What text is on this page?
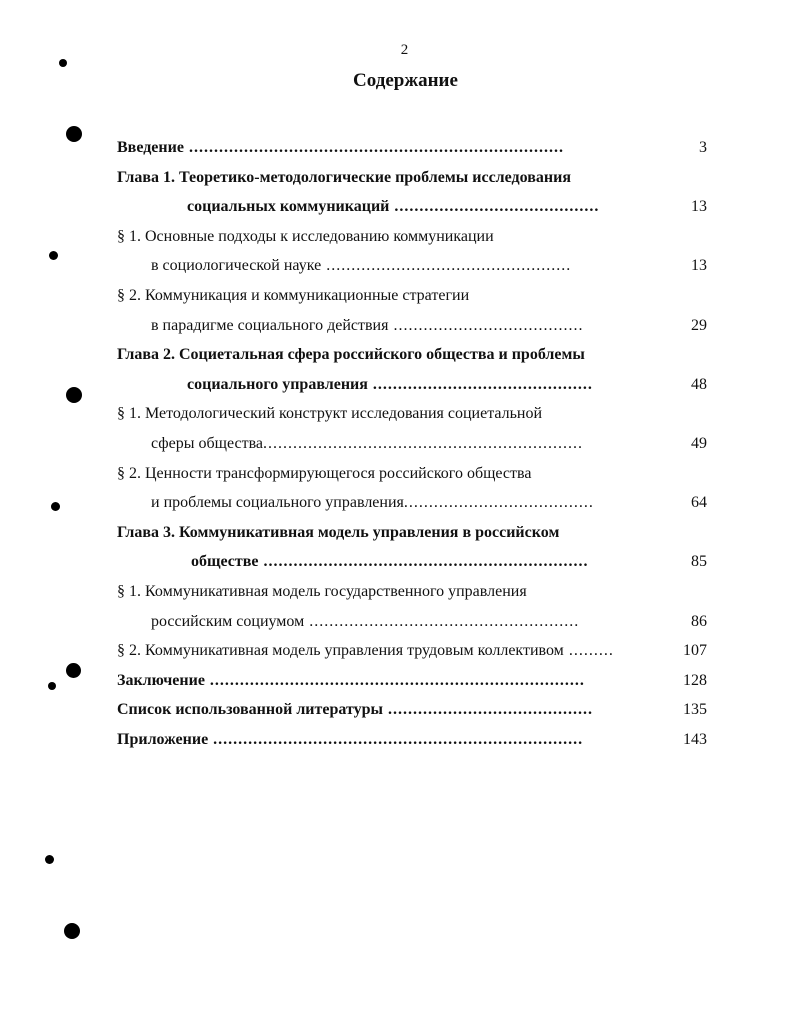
2
Содержание
Введение ...........................................................................	3
Глава 1. Теоретико-методологические проблемы исследования
социальных коммуникаций .........................................	13
§ 1. Основные подходы к исследованию коммуникации
в социологической науке .................................................	13
§ 2. Коммуникация и коммуникационные стратегии
в парадигме социального действия ......................................	29
Глава 2. Социетальная сфера российского общества и проблемы
социального управления ............................................	48
§ 1. Методологический конструкт исследования социетальной
сферы общества................................................................	49
§ 2. Ценности трансформирующегося российского общества
и проблемы социального управления......................................	64
Глава 3. Коммуникативная модель управления в российском
обществе .................................................................	85
§ 1. Коммуникативная модель государственного управления
российским социумом ......................................................	86
§ 2. Коммуникативная модель управления трудовым коллективом .........	107
Заключение ...........................................................................	128
Список использованной литературы .........................................	135
Приложение ..........................................................................	143
